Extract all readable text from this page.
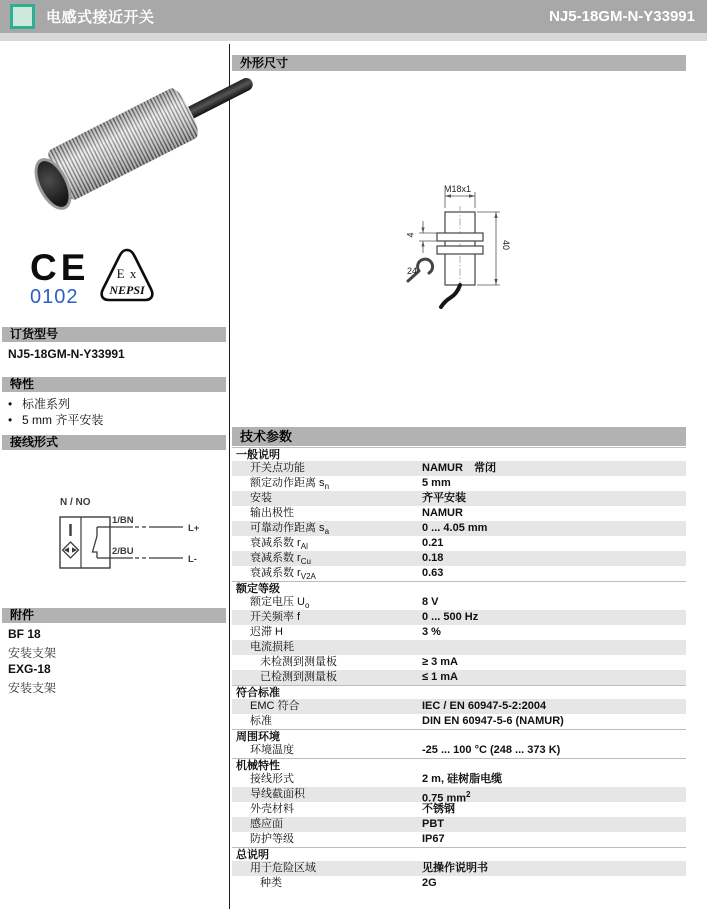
电感式接近开关	NJ5-18GM-N-Y33991
CE
0102
E x
NEPSI
订货型号
NJ5-18GM-N-Y33991
特性
• 标准系列
• 5 mm 齐平安装
接线形式
N / NO
1/BN
2/BU
L+
L-
附件
BF 18
安装支架
EXG-18
安装支架
外形尺寸
M18x1
4
40
24
技术参数
一般说明
开关点功能	NAMUR　常闭
额定动作距离 $s_n$	5 mm
安装	齐平安装
输出极性	NAMUR
可靠动作距离 $s_a$	0 ... 4.05 mm
衰减系数 $r_{Al}$	0.21
衰减系数 $r_{Cu}$	0.18
衰减系数 $r_{V2A}$	0.63
额定等级
额定电压 $U_o$	8 V
开关频率 f	0 ... 500 Hz
迟滞 H	3 %
电流损耗
未检测到测量板	≥ 3 mA
已检测到测量板	≤ 1 mA
符合标准
EMC 符合	IEC / EN 60947-5-2:2004
标准	DIN EN 60947-5-6 (NAMUR)
周围环境
环境温度	-25 ... 100 °C (248 ... 373 K)
机械特性
接线形式	2 m, 硅树脂电缆
导线截面积	0.75 $mm^2$
外壳材料	不锈钢
感应面	PBT
防护等级	IP67
总说明
用于危险区域	见操作说明书
种类	2G
